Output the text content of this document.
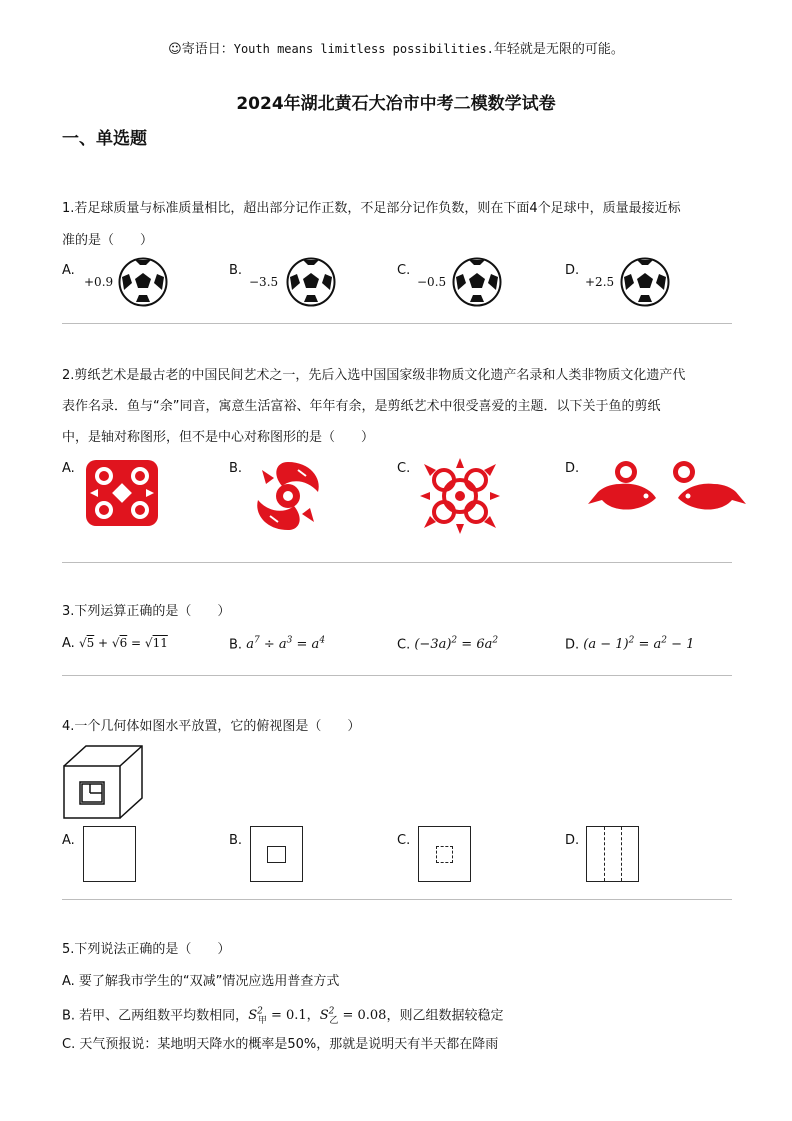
☺寄语日：Youth means limitless possibilities.年轻就是无限的可能。
2024年湖北黄石大冶市中考二模数学试卷
一、单选题
1.若足球质量与标准质量相比，超出部分记作正数，不足部分记作负数，则在下面4个足球中，质量最接近标
准的是（　　）
A.
+0.9
B.
−3.5
C.
−0.5
D.
+2.5
2.剪纸艺术是最古老的中国民间艺术之一，先后入选中国国家级非物质文化遗产名录和人类非物质文化遗产代
表作名录．鱼与“余”同音，寓意生活富裕、年年有余，是剪纸艺术中很受喜爱的主题．以下关于鱼的剪纸
中，是轴对称图形，但不是中心对称图形的是（　　）
A.	B.	C.	D.
3.下列运算正确的是（　　）
A. √5 + √6 = √11	B. $a^7 \div a^3 = a^4$	C. $(-3a)^2 = 6a^2$	D. $(a - 1)^2 = a^2 - 1$
4.一个几何体如图水平放置，它的俯视图是（　　）
A.	B.	C.	D.
5.下列说法正确的是（　　）
A. 要了解我市学生的“双减”情况应选用普查方式
B. 若甲、乙两组数平均数相同，$S^2_甲 = 0.1$，$S^2_乙 = 0.08$，则乙组数据较稳定
C. 天气预报说：某地明天降水的概率是50%，那就是说明天有半天都在降雨
